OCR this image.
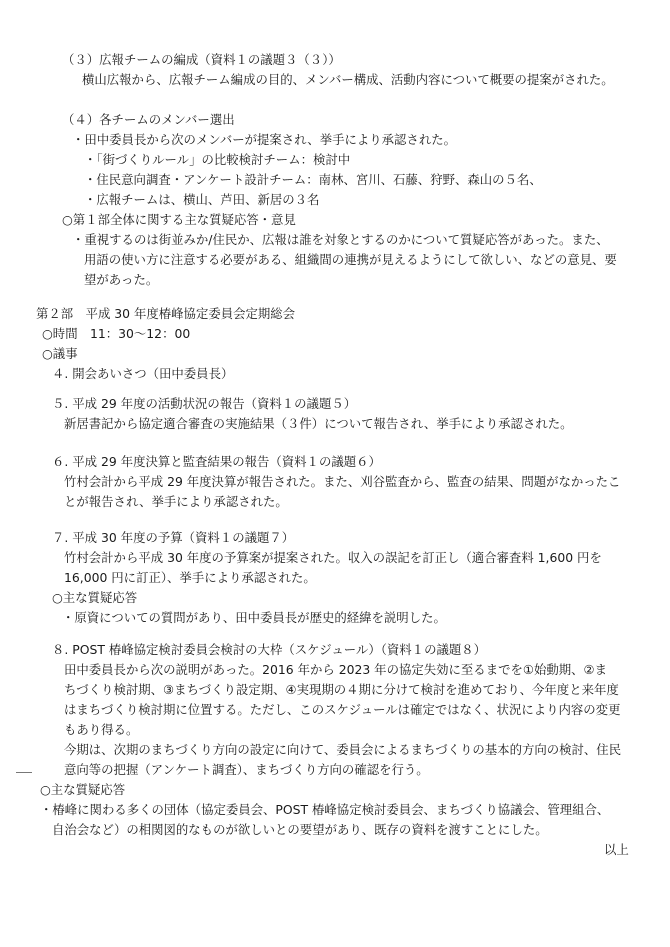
（３）広報チームの編成（資料１の議題３（３））
横山広報から、広報チーム編成の目的、メンバー構成、活動内容について概要の提案がされた。
（４）各チームのメンバー選出
・田中委員長から次のメンバーが提案され、挙手により承認された。
・「街づくりルール」の比較検討チーム：検討中
・住民意向調査・アンケート設計チーム：南林、宮川、石藤、狩野、森山の５名、
・広報チームは、横山、芦田、新居の３名
○第１部全体に関する主な質疑応答・意見
・重視するのは街並みか/住民か、広報は誰を対象とするのかについて質疑応答があった。また、
用語の使い方に注意する必要がある、組織間の連携が見えるようにして欲しい、などの意見、要
望があった。
第２部　平成 30 年度椿峰協定委員会定期総会
○時間　11：30〜12：00
○議事
４. 開会あいさつ（田中委員長）
５. 平成 29 年度の活動状況の報告（資料１の議題５）
新居書記から協定適合審査の実施結果（３件）について報告され、挙手により承認された。
６. 平成 29 年度決算と監査結果の報告（資料１の議題６）
竹村会計から平成 29 年度決算が報告された。また、刈谷監査から、監査の結果、問題がなかったこ
とが報告され、挙手により承認された。
７. 平成 30 年度の予算（資料１の議題７）
竹村会計から平成 30 年度の予算案が提案された。収入の誤記を訂正し（適合審査料 1,600 円を
16,000 円に訂正）、挙手により承認された。
○主な質疑応答
・原資についての質問があり、田中委員長が歴史的経緯を説明した。
８. POST 椿峰協定検討委員会検討の大枠（スケジュール）（資料１の議題８）
田中委員長から次の説明があった。2016 年から 2023 年の協定失効に至るまでを①始動期、②ま
ちづくり検討期、③まちづくり設定期、④実現期の４期に分けて検討を進めており、今年度と来年度
はまちづくり検討期に位置する。ただし、このスケジュールは確定ではなく、状況により内容の変更
もあり得る。
今期は、次期のまちづくり方向の設定に向けて、委員会によるまちづくりの基本的方向の検討、住民
意向等の把握（アンケート調査）、まちづくり方向の確認を行う。
○主な質疑応答
・椿峰に関わる多くの団体（協定委員会、POST 椿峰協定検討委員会、まちづくり協議会、管理組合、
自治会など）の相関図的なものが欲しいとの要望があり、既存の資料を渡すことにした。
以上
